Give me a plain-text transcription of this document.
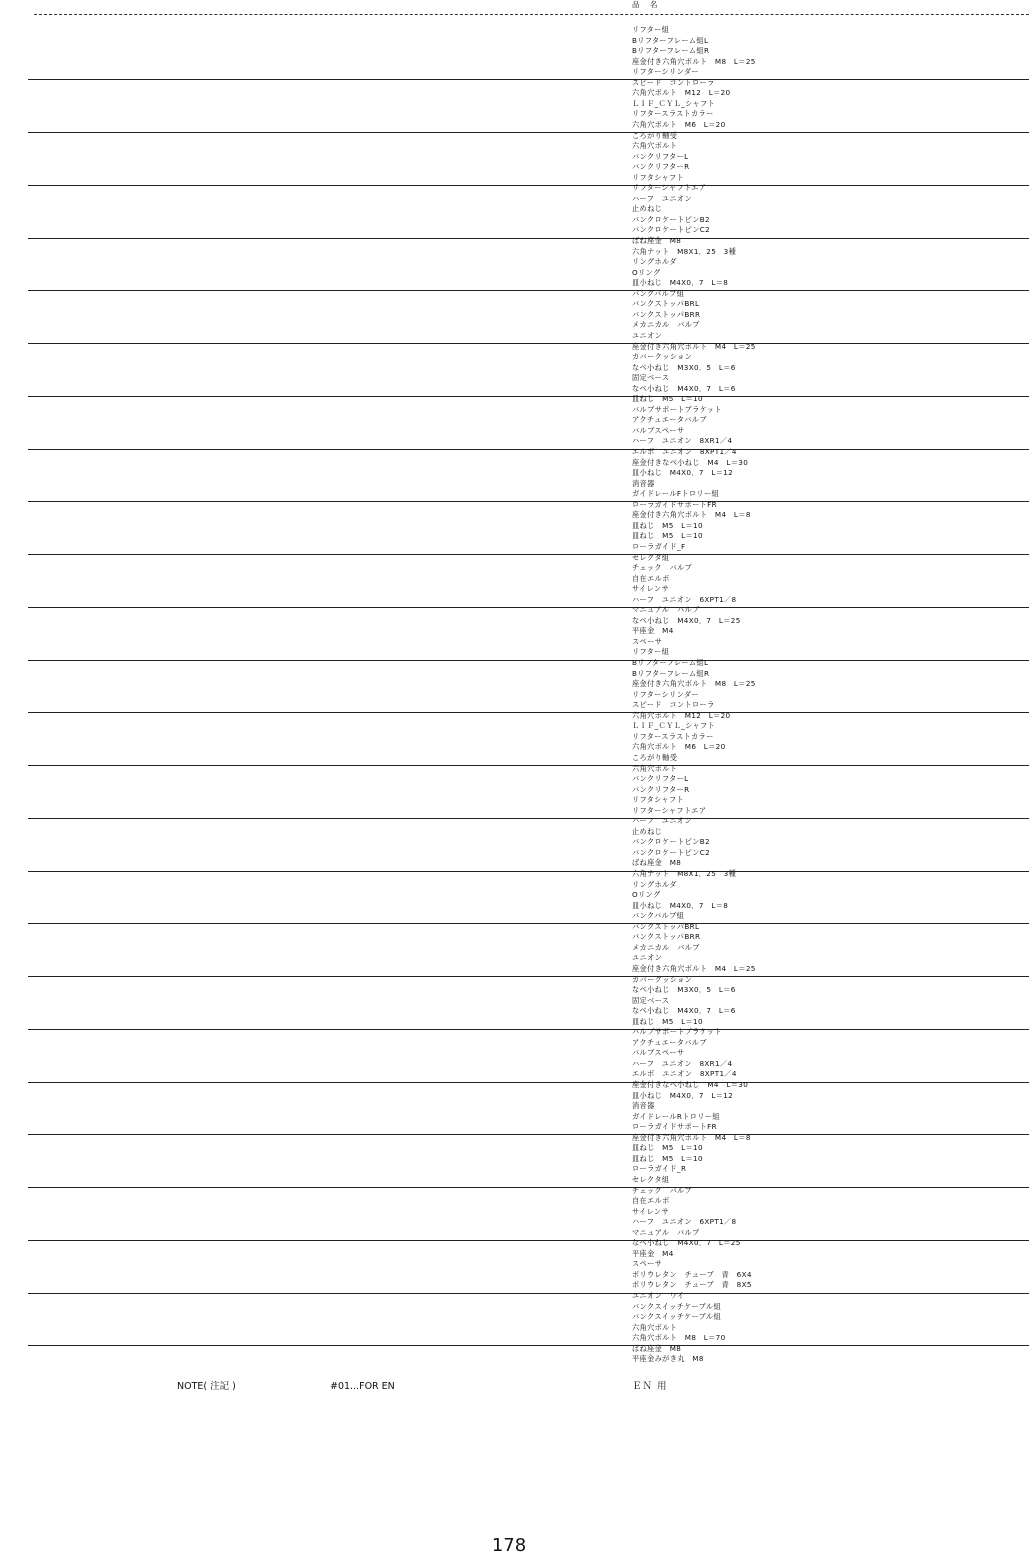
品 名
リフター組
Bリフターフレーム組L
Bリフターフレーム組R
座金付き六角穴ボルト　M8　L＝25
リフターシリンダー
スピード　コントローラ
六角穴ボルト　M12　L＝20
ＬＩＦ_ＣＹＬ_シャフト
リフタースラストカラー
六角穴ボルト　M6　L＝20
ころがり軸受
六角穴ボルト
バンクリフターL
バンクリフターR
リフタシャフト
リフターシャフトエア
ハーフ　ユニオン
止めねじ
バンクロケートピンB2
バンクロケートピンC2
ばね座金　M8
六角ナット　M8X1．25　3種
リングホルダ
Oリング
皿小ねじ　M4X0．7　L＝8
バンクバルブ組
バンクストッパBRL
バンクストッパBRR
メカニカル　バルブ
ユニオン
座金付き六角穴ボルト　M4　L＝25
カバークッション
なべ小ねじ　M3X0．5　L＝6
固定ベース
なべ小ねじ　M4X0．7　L＝6
皿ねじ　M5　L＝10
バルブサポートブラケット
アクチュエータバルブ
バルブスペーサ
ハーフ　ユニオン　8XR1／4
エルボ　ユニオン　8XPT1／4
座金付きなべ小ねじ　M4　L＝30
皿小ねじ　M4X0．7　L＝12
消音器
ガイドレールFトロリー組
ローラガイドサポートFR
座金付き六角穴ボルト　M4　L＝8
皿ねじ　M5　L＝10
皿ねじ　M5　L＝10
ローラガイド_F
セレクタ組
チェック　バルブ
自在エルボ
サイレンサ
ハーフ　ユニオン　6XPT1／8
マニュアル　バルブ
なべ小ねじ　M4X0．7　L＝25
平座金　M4
スペーサ
リフター組
Bリフターフレーム組L
Bリフターフレーム組R
座金付き六角穴ボルト　M8　L＝25
リフターシリンダー
スピード　コントローラ
六角穴ボルト　M12　L＝20
ＬＩＦ_ＣＹＬ_シャフト
リフタースラストカラー
六角穴ボルト　M6　L＝20
ころがり軸受
六角穴ボルト
バンクリフターL
バンクリフターR
リフタシャフト
リフターシャフトエア
ハーフ　ユニオン
止めねじ
バンクロケートピンB2
バンクロケートピンC2
ばね座金　M8
六角ナット　M8X1．25　3種
リングホルダ
Oリング
皿小ねじ　M4X0．7　L＝8
バンクバルブ組
バンクストッパBRL
バンクストッパBRR
メカニカル　バルブ
ユニオン
座金付き六角穴ボルト　M4　L＝25
カバークッション
なべ小ねじ　M3X0．5　L＝6
固定ベース
なべ小ねじ　M4X0．7　L＝6
皿ねじ　M5　L＝10
バルブサポートブラケット
アクチュエータバルブ
バルブスペーサ
ハーフ　ユニオン　8XR1／4
エルボ　ユニオン　8XPT1／4
座金付きなべ小ねじ　M4　L＝30
皿小ねじ　M4X0．7　L＝12
消音器
ガイドレールRトロリー組
ローラガイドサポートFR
座金付き六角穴ボルト　M4　L＝8
皿ねじ　M5　L＝10
皿ねじ　M5　L＝10
ローラガイド_R
セレクタ組
チェック　バルブ
自在エルボ
サイレンサ
ハーフ　ユニオン　6XPT1／8
マニュアル　バルブ
なべ小ねじ　M4X0．7　L＝25
平座金　M4
スペーサ
ポリウレタン　チューブ　青　6X4
ポリウレタン　チューブ　青　8X5
ユニオン　ワイ
バンクスイッチケーブル組
バンクスイッチケーブル組
六角穴ボルト
六角穴ボルト　M8　L＝70
ばね座金　M8
平座金みがき丸　M8
NOTE( 注記 )	#01...FOR EN	ＥＮ 用
178
